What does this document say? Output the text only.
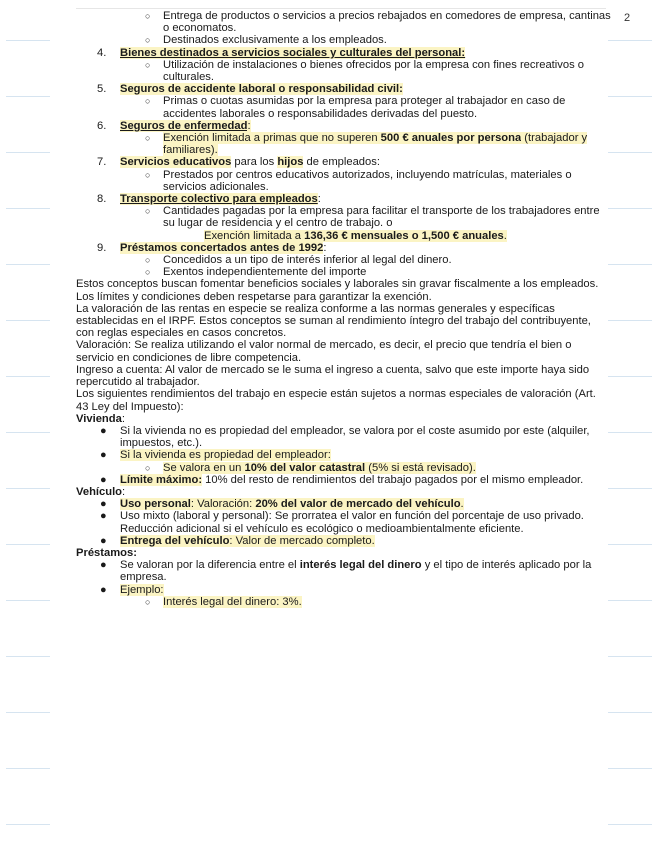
2
○ Entrega de productos o servicios a precios rebajados en comedores de empresa, cantinas o economatos.
○ Destinados exclusivamente a los empleados.
4. Bienes destinados a servicios sociales y culturales del personal:
○ Utilización de instalaciones o bienes ofrecidos por la empresa con fines recreativos o culturales.
5. Seguros de accidente laboral o responsabilidad civil:
○ Primas o cuotas asumidas por la empresa para proteger al trabajador en caso de accidentes laborales o responsabilidades derivadas del puesto.
6. Seguros de enfermedad:
○ Exención limitada a primas que no superen 500 € anuales por persona (trabajador y familiares).
7. Servicios educativos para los hijos de empleados:
○ Prestados por centros educativos autorizados, incluyendo matrículas, materiales o servicios adicionales.
8. Transporte colectivo para empleados:
○ Cantidades pagadas por la empresa para facilitar el transporte de los trabajadores entre su lugar de residencia y el centro de trabajo. o
Exención limitada a 136,36 € mensuales o 1,500 € anuales.
9. Préstamos concertados antes de 1992:
○ Concedidos a un tipo de interés inferior al legal del dinero.
○ Exentos independientemente del importe

Estos conceptos buscan fomentar beneficios sociales y laborales sin gravar fiscalmente a los empleados. Los límites y condiciones deben respetarse para garantizar la exención.

La valoración de las rentas en especie se realiza conforme a las normas generales y específicas establecidas en el IRPF. Estos conceptos se suman al rendimiento íntegro del trabajo del contribuyente, con reglas especiales en casos concretos.

Valoración: Se realiza utilizando el valor normal de mercado, es decir, el precio que tendría el bien o servicio en condiciones de libre competencia.

Ingreso a cuenta: Al valor de mercado se le suma el ingreso a cuenta, salvo que este importe haya sido repercutido al trabajador.

Los siguientes rendimientos del trabajo en especie están sujetos a normas especiales de valoración (Art. 43 Ley del Impuesto):

Vivienda:
● Si la vivienda no es propiedad del empleador, se valora por el coste asumido por este (alquiler, impuestos, etc.).
● Si la vivienda es propiedad del empleador:
○ Se valora en un 10% del valor catastral (5% si está revisado).
● Límite máximo: 10% del resto de rendimientos del trabajo pagados por el mismo empleador.
Vehículo:
● Uso personal: Valoración: 20% del valor de mercado del vehículo.
● Uso mixto (laboral y personal): Se prorratea el valor en función del porcentaje de uso privado. Reducción adicional si el vehículo es ecológico o medioambientalmente eficiente.
● Entrega del vehículo: Valor de mercado completo.
Préstamos:
● Se valoran por la diferencia entre el interés legal del dinero y el tipo de interés aplicado por la empresa.
● Ejemplo:
○ Interés legal del dinero: 3%.
